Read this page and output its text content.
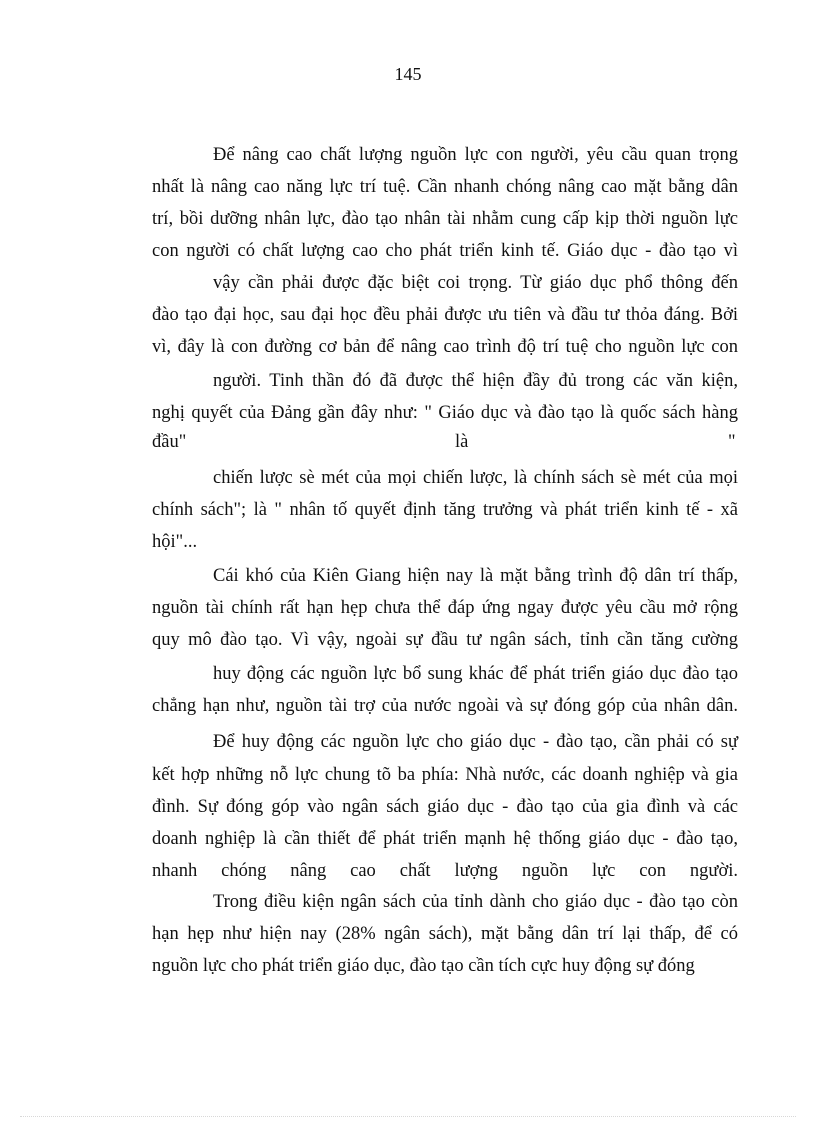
145
Để nâng cao chất lượng nguồn lực con người, yêu cầu quan trọng
nhất là nâng cao năng lực trí tuệ. Cần nhanh chóng nâng cao mặt bằng dân
trí, bồi dưỡng nhân lực, đào tạo nhân tài nhằm cung cấp kịp thời nguồn lực
con người có chất lượng cao cho phát triển kinh tế. Giáo dục - đào tạo vì
vậy cần phải được đặc biệt coi trọng. Từ giáo dục phổ thông đến
đào tạo đại học, sau đại học đều phải được ưu tiên và đầu tư thỏa đáng. Bởi
vì, đây là con đường cơ bản để nâng cao trình độ trí tuệ cho nguồn lực con
người. Tinh thần đó đã được thể hiện đầy đủ trong các văn kiện,
nghị quyết của Đảng gần đây như: " Giáo dục và đào tạo là quốc sách hàng
đầu"	là	"
chiến lược sè mét của mọi chiến lược, là chính sách sè mét của mọi
chính sách"; là " nhân tố quyết định tăng trưởng và phát triển kinh tế - xã
hội"...
Cái khó của Kiên Giang hiện nay là mặt bằng trình độ dân trí thấp,
nguồn tài chính rất hạn hẹp chưa thể đáp ứng ngay được yêu cầu mở rộng
quy mô đào tạo. Vì vậy, ngoài sự đầu tư ngân sách, tỉnh cần tăng cường
huy động các nguồn lực bổ sung khác để phát triển giáo dục đào tạo
chẳng hạn như, nguồn tài trợ của nước ngoài và sự đóng góp của nhân dân.
Để huy động các nguồn lực cho giáo dục - đào tạo, cần phải có sự
kết hợp những nỗ lực chung tõ ba phía: Nhà nước, các doanh nghiệp và gia
đình. Sự đóng góp vào ngân sách giáo dục - đào tạo của gia đình và các
doanh nghiệp là cần thiết để phát triển mạnh hệ thống giáo dục - đào tạo,
nhanh chóng nâng cao chất lượng nguồn lực con người.
Trong điều kiện ngân sách của tỉnh dành cho giáo dục - đào tạo còn
hạn hẹp như hiện nay (28% ngân sách), mặt bằng dân trí lại thấp, để có
nguồn lực cho phát triển giáo dục, đào tạo cần tích cực huy động sự đóng
